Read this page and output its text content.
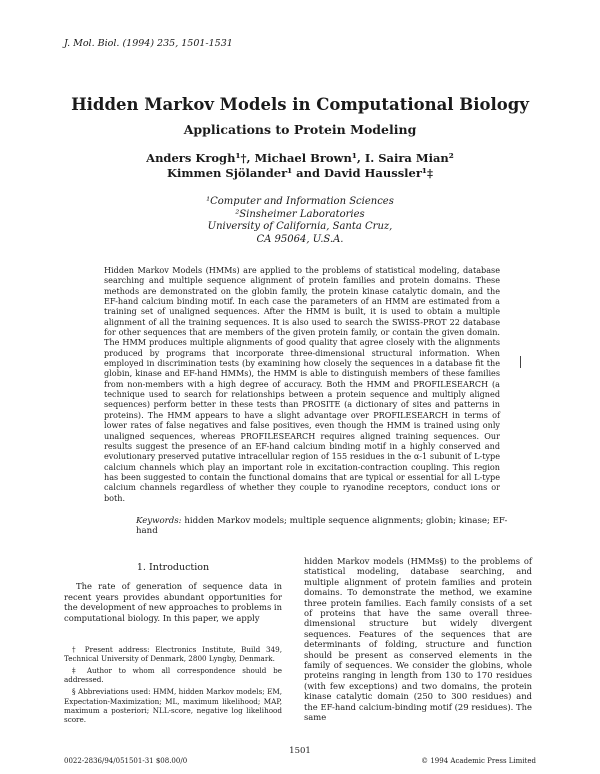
J. Mol. Biol. (1994) 235, 1501-1531
Hidden Markov Models in Computational Biology
Applications to Protein Modeling
Anders Krogh¹†, Michael Brown¹, I. Saira Mian²
Kimmen Sjölander¹ and David Haussler¹‡
¹Computer and Information Sciences
²Sinsheimer Laboratories
University of California, Santa Cruz,
CA 95064, U.S.A.

Hidden Markov Models (HMMs) are applied to the problems of statistical modeling, database searching and multiple sequence alignment of protein families and protein domains. These methods are demonstrated on the globin family, the protein kinase catalytic domain, and the EF-hand calcium binding motif. In each case the parameters of an HMM are estimated from a training set of unaligned sequences. After the HMM is built, it is used to obtain a multiple alignment of all the training sequences. It is also used to search the SWISS-PROT 22 database for other sequences that are members of the given protein family, or contain the given domain. The HMM produces multiple alignments of good quality that agree closely with the alignments produced by programs that incorporate three-dimensional structural information. When employed in discrimination tests (by examining how closely the sequences in a database fit the globin, kinase and EF-hand HMMs), the HMM is able to distinguish members of these families from non-members with a high degree of accuracy. Both the HMM and PROFILESEARCH (a technique used to search for relationships between a protein sequence and multiply aligned sequences) perform better in these tests than PROSITE (a dictionary of sites and patterns in proteins). The HMM appears to have a slight advantage over PROFILESEARCH in terms of lower rates of false negatives and false positives, even though the HMM is trained using only unaligned sequences, whereas PROFILESEARCH requires aligned training sequences. Our results suggest the presence of an EF-hand calcium binding motif in a highly conserved and evolutionary preserved putative intracellular region of 155 residues in the α-1 subunit of L-type calcium channels which play an important role in excitation-contraction coupling. This region has been suggested to contain the functional domains that are typical or essential for all L-type calcium channels regardless of whether they couple to ryanodine receptors, conduct ions or both.

Keywords: hidden Markov models; multiple sequence alignments; globin; kinase; EF-hand
1. Introduction

The rate of generation of sequence data in recent years provides abundant opportunities for the development of new approaches to problems in computational biology. In this paper, we apply

† Present address: Electronics Institute, Build 349, Technical University of Denmark, 2800 Lyngby, Denmark.

‡ Author to whom all correspondence should be addressed.

§ Abbreviations used: HMM, hidden Markov models; EM, Expectation-Maximization; ML, maximum likelihood; MAP, maximum a posteriori; NLL-score, negative log likelihood score.

hidden Markov models (HMMs§) to the problems of statistical modeling, database searching, and multiple alignment of protein families and protein domains. To demonstrate the method, we examine three protein families. Each family consists of a set of proteins that have the same overall three-dimensional structure but widely divergent sequences. Features of the sequences that are determinants of folding, structure and function should be present as conserved elements in the family of sequences. We consider the globins, whole proteins ranging in length from 130 to 170 residues (with few exceptions) and two domains, the protein kinase catalytic domain (250 to 300 residues) and the EF-hand calcium-binding motif (29 residues). The same

1501
0022-2836/94/051501-31 $08.00/0	© 1994 Academic Press Limited
